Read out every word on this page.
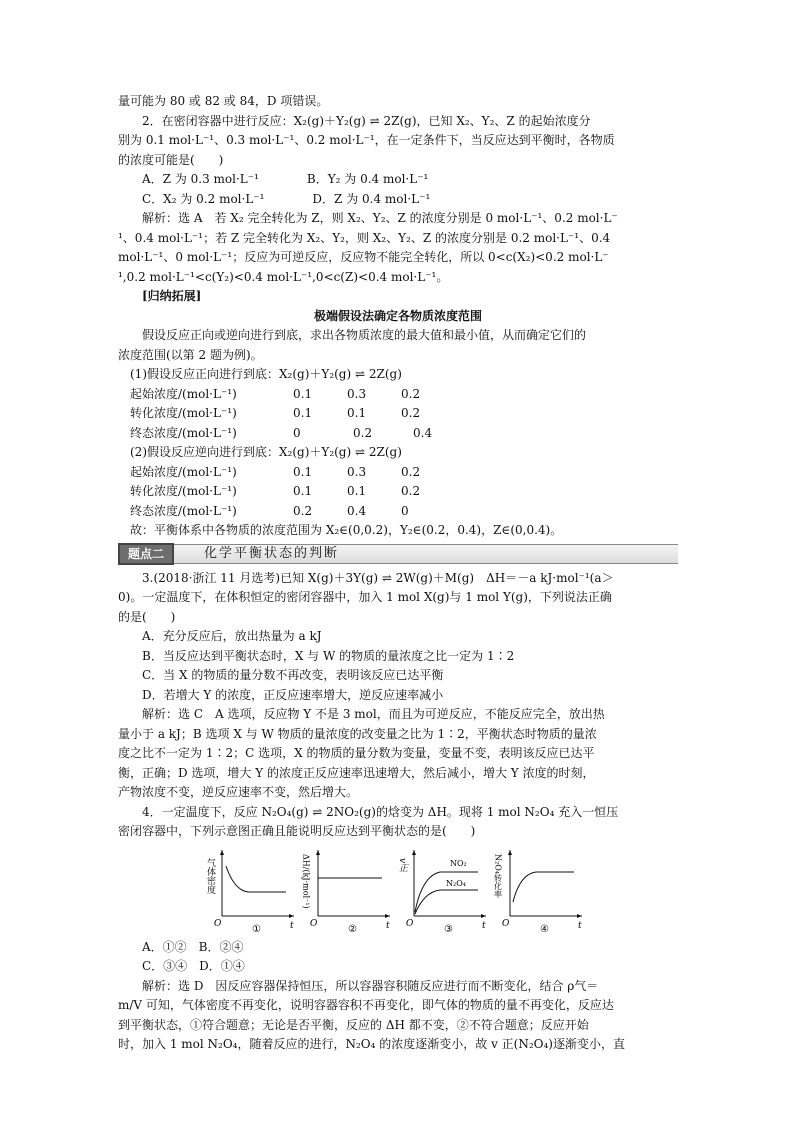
量可能为 80 或 82 或 84，D 项错误。
2．在密闭容器中进行反应：X₂(g)＋Y₂(g) ⇌ 2Z(g)，已知 X₂、Y₂、Z 的起始浓度分
别为 0.1 mol·L⁻¹、0.3 mol·L⁻¹、0.2 mol·L⁻¹，在一定条件下，当反应达到平衡时，各物质
的浓度可能是(　　)
A．Z 为 0.3 mol·L⁻¹　　　　B．Y₂ 为 0.4 mol·L⁻¹
C．X₂ 为 0.2 mol·L⁻¹　　　　D．Z 为 0.4 mol·L⁻¹
解析：选 A　若 X₂ 完全转化为 Z，则 X₂、Y₂、Z 的浓度分别是 0 mol·L⁻¹、0.2 mol·L⁻
¹、0.4 mol·L⁻¹；若 Z 完全转化为 X₂、Y₂，则 X₂、Y₂、Z 的浓度分别是 0.2 mol·L⁻¹、0.4
mol·L⁻¹、0 mol·L⁻¹；反应为可逆反应，反应物不能完全转化，所以 0<c(X₂)<0.2 mol·L⁻
¹,0.2 mol·L⁻¹<c(Y₂)<0.4 mol·L⁻¹,0<c(Z)<0.4 mol·L⁻¹。
[归纳拓展]
极端假设法确定各物质浓度范围
假设反应正向或逆向进行到底，求出各物质浓度的最大值和最小值，从而确定它们的
浓度范围(以第 2 题为例)。
(1)假设反应正向进行到底：X₂(g)＋Y₂(g) ⇌ 2Z(g)
起始浓度/(mol·L⁻¹)	0.1	0.3	0.2
转化浓度/(mol·L⁻¹)	0.1	0.1	0.2
终态浓度/(mol·L⁻¹)	0	0.2	0.4
(2)假设反应逆向进行到底：X₂(g)＋Y₂(g) ⇌ 2Z(g)
起始浓度/(mol·L⁻¹)	0.1	0.3	0.2
转化浓度/(mol·L⁻¹)	0.1	0.1	0.2
终态浓度/(mol·L⁻¹)	0.2	0.4	0
故：平衡体系中各物质的浓度范围为 X₂∈(0,0.2)，Y₂∈(0.2，0.4)，Z∈(0,0.4)。
题点二	化学平衡状态的判断
3.(2018·浙江 11 月选考)已知 X(g)＋3Y(g) ⇌ 2W(g)＋M(g)　ΔH＝－a kJ·mol⁻¹(a＞
0)。一定温度下，在体积恒定的密闭容器中，加入 1 mol X(g)与 1 mol Y(g)，下列说法正确
的是(　　)
A．充分反应后，放出热量为 a kJ
B．当反应达到平衡状态时，X 与 W 的物质的量浓度之比一定为 1∶2
C．当 X 的物质的量分数不再改变，表明该反应已达平衡
D．若增大 Y 的浓度，正反应速率增大，逆反应速率减小
解析：选 C　A 选项，反应物 Y 不是 3 mol，而且为可逆反应，不能反应完全，放出热
量小于 a kJ；B 选项 X 与 W 物质的量浓度的改变量之比为 1∶2，平衡状态时物质的量浓
度之比不一定为 1∶2；C 选项，X 的物质的量分数为变量，变量不变，表明该反应已达平
衡，正确；D 选项，增大 Y 的浓度正反应速率迅速增大，然后减小，增大 Y 浓度的时刻，
产物浓度不变，逆反应速率不变，然后增大。
4．一定温度下，反应 N₂O₄(g) ⇌ 2NO₂(g)的焓变为 ΔH。现将 1 mol N₂O₄ 充入一恒压
密闭容器中，下列示意图正确且能说明反应达到平衡状态的是(　　)
气体密度
O	t
①
ΔH/(kJ·mol⁻¹)
O	t
②
v正	NO₂
N₂O₄
O	t
③
N₂O₄转化率
O	t
④
A．①②　B．②④
C．③④　D．①④
解析：选 D　因反应容器保持恒压，所以容器容积随反应进行而不断变化，结合 ρ气＝
m/V 可知，气体密度不再变化，说明容器容积不再变化，即气体的物质的量不再变化，反应达
到平衡状态，①符合题意；无论是否平衡，反应的 ΔH 都不变，②不符合题意；反应开始
时，加入 1 mol N₂O₄，随着反应的进行，N₂O₄ 的浓度逐渐变小，故 v 正(N₂O₄)逐渐变小，直
